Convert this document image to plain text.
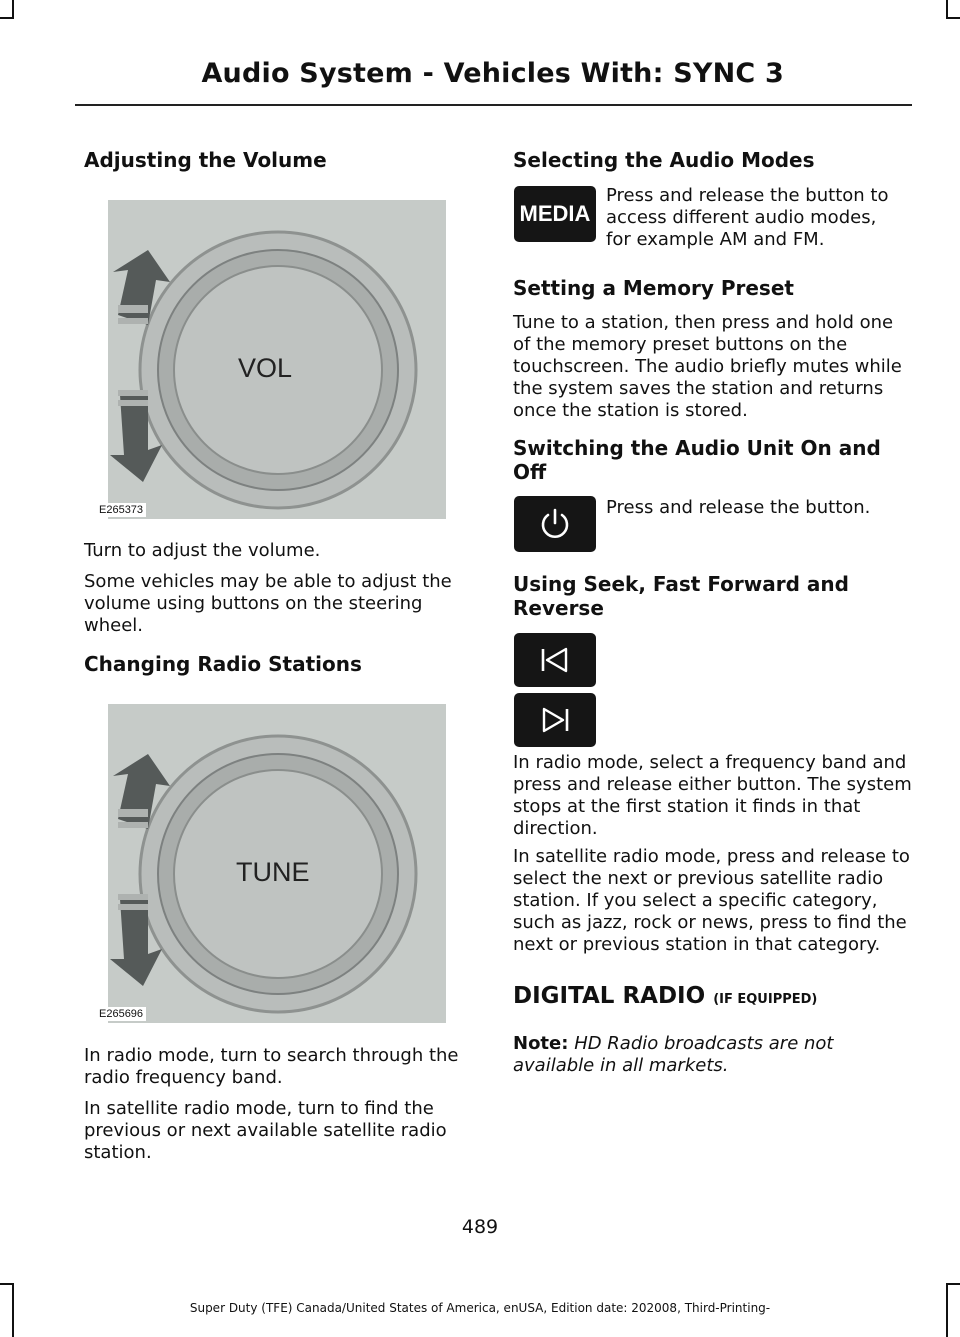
Audio System - Vehicles With: SYNC 3
Adjusting the Volume
VOL
E265373

Turn to adjust the volume.

Some vehicles may be able to adjust the volume using buttons on the steering wheel.

Changing Radio Stations
TUNE
E265696

In radio mode, turn to search through the radio frequency band.

In satellite radio mode, turn to find the previous or next available satellite radio station.

Selecting the Audio Modes
MEDIA

Press and release the button to access different audio modes, for example AM and FM.

Setting a Memory Preset

Tune to a station, then press and hold one of the memory preset buttons on the touchscreen. The audio briefly mutes while the system saves the station and returns once the station is stored.

Switching the Audio Unit On and Off

Press and release the button.

Using Seek, Fast Forward and Reverse

In radio mode, select a frequency band and press and release either button. The system stops at the first station it finds in that direction.

In satellite radio mode, press and release to select the next or previous satellite radio station. If you select a specific category, such as jazz, rock or news, press to find the next or previous station in that category.

DIGITAL RADIO (IF EQUIPPED)

Note: HD Radio broadcasts are not available in all markets.

489
Super Duty (TFE) Canada/United States of America, enUSA, Edition date: 202008, Third-Printing-
